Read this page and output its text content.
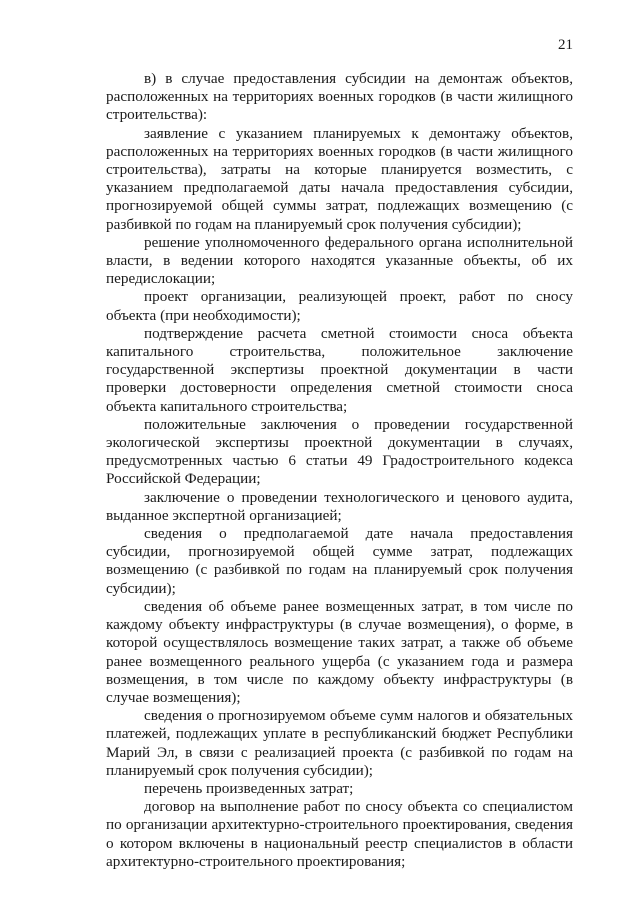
21

в) в случае предоставления субсидии на демонтаж объектов, расположенных на территориях военных городков (в части жилищного строительства):

заявление с указанием планируемых к демонтажу объектов, расположенных на территориях военных городков (в части жилищного строительства), затраты на которые планируется возместить, с указанием предполагаемой даты начала предоставления субсидии, прогнозируемой общей суммы затрат, подлежащих возмещению (с разбивкой по годам на планируемый срок получения субсидии);

решение уполномоченного федерального органа исполнительной власти, в ведении которого находятся указанные объекты, об их передислокации;

проект организации, реализующей проект, работ по сносу объекта (при необходимости);

подтверждение расчета сметной стоимости сноса объекта капитального строительства, положительное заключение государственной экспертизы проектной документации в части проверки достоверности определения сметной стоимости сноса объекта капитального строительства;

положительные заключения о проведении государственной экологической экспертизы проектной документации в случаях, предусмотренных частью 6 статьи 49 Градостроительного кодекса Российской Федерации;

заключение о проведении технологического и ценового аудита, выданное экспертной организацией;

сведения о предполагаемой дате начала предоставления субсидии, прогнозируемой общей сумме затрат, подлежащих возмещению (с разбивкой по годам на планируемый срок получения субсидии);

сведения об объеме ранее возмещенных затрат, в том числе по каждому объекту инфраструктуры (в случае возмещения), о форме, в которой осуществлялось возмещение таких затрат, а также об объеме ранее возмещенного реального ущерба (с указанием года и размера возмещения, в том числе по каждому объекту инфраструктуры (в случае возмещения);

сведения о прогнозируемом объеме сумм налогов и обязательных платежей, подлежащих уплате в республиканский бюджет Республики Марий Эл, в связи с реализацией проекта (с разбивкой по годам на планируемый срок получения субсидии);

перечень произведенных затрат;

договор на выполнение работ по сносу объекта со специалистом по организации архитектурно-строительного проектирования, сведения о котором включены в национальный реестр специалистов в области архитектурно-строительного проектирования;
